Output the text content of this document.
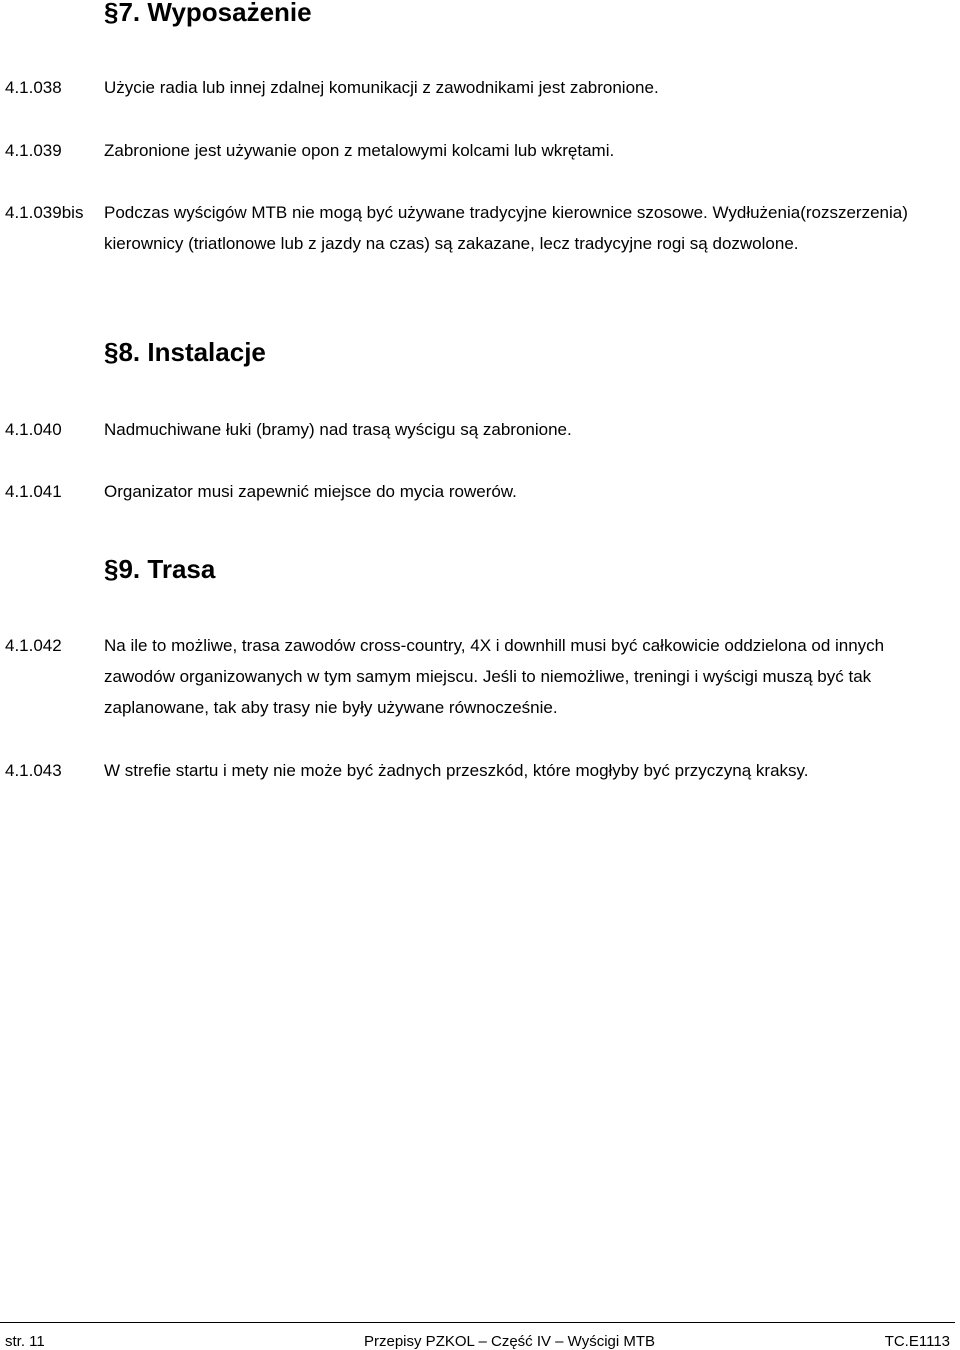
§7. Wyposażenie
4.1.038 Użycie radia lub innej zdalnej komunikacji z zawodnikami jest zabronione.
4.1.039 Zabronione jest używanie opon z metalowymi kolcami lub wkrętami.
4.1.039bis Podczas wyścigów MTB nie mogą być używane tradycyjne kierownice szosowe. Wydłużenia(rozszerzenia) kierownicy (triatlonowe lub z jazdy na czas) są zakazane, lecz tradycyjne rogi są dozwolone.
§8. Instalacje
4.1.040 Nadmuchiwane łuki (bramy) nad trasą wyścigu są zabronione.
4.1.041 Organizator musi zapewnić miejsce do mycia rowerów.
§9. Trasa
4.1.042 Na ile to możliwe, trasa zawodów cross-country, 4X i downhill musi być całkowicie oddzielona od innych zawodów organizowanych w tym samym miejscu. Jeśli to niemożliwe, treningi i wyścigi muszą być tak zaplanowane, tak aby trasy nie były używane równocześnie.
4.1.043 W strefie startu i mety nie może być żadnych przeszkód, które mogłyby być przyczyną kraksy.
str. 11	Przepisy PZKOL – Część IV – Wyścigi MTB	TC.E1113
